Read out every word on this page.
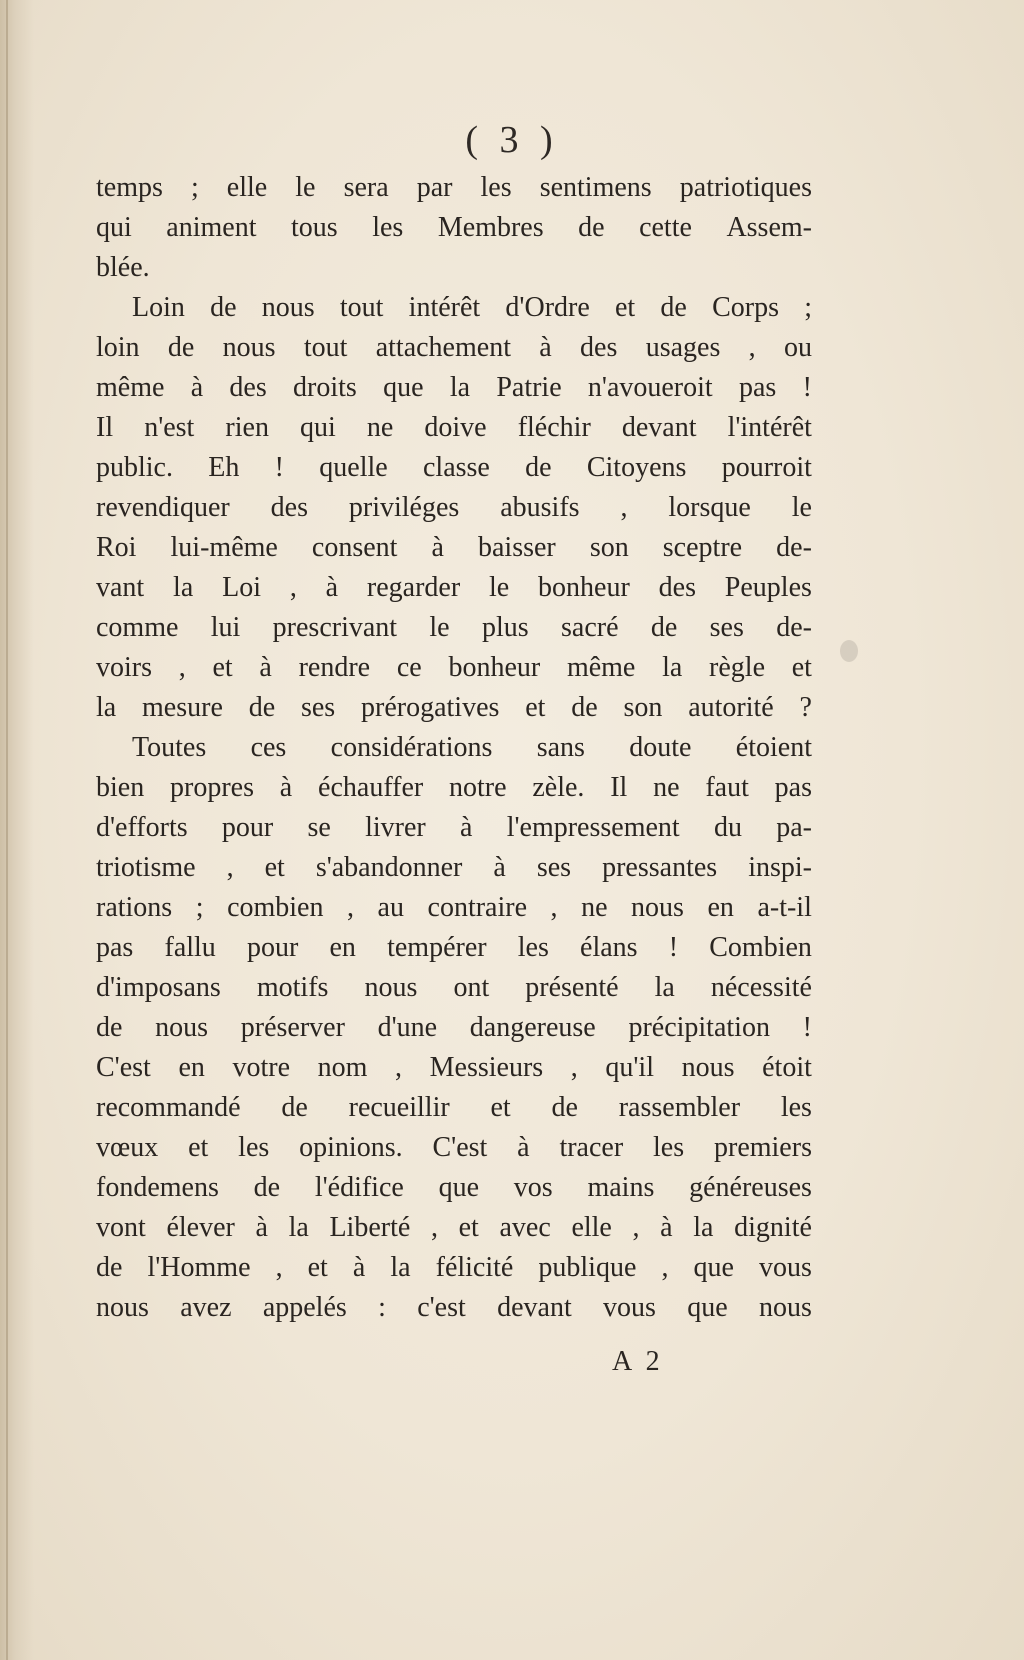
( 3 )
temps ; elle le sera par les sentimens patriotiques
qui animent tous les Membres de cette Assem-
blée.
Loin de nous tout intérêt d'Ordre et de Corps ;
loin de nous tout attachement à des usages , ou
même à des droits que la Patrie n'avoueroit pas !
Il n'est rien qui ne doive fléchir devant l'intérêt
public. Eh ! quelle classe de Citoyens pourroit
revendiquer des priviléges abusifs , lorsque le
Roi lui-même consent à baisser son sceptre de-
vant la Loi , à regarder le bonheur des Peuples
comme lui prescrivant le plus sacré de ses de-
voirs , et à rendre ce bonheur même la règle et
la mesure de ses prérogatives et de son autorité ?
Toutes ces considérations sans doute étoient
bien propres à échauffer notre zèle. Il ne faut pas
d'efforts pour se livrer à l'empressement du pa-
triotisme , et s'abandonner à ses pressantes inspi-
rations ; combien , au contraire , ne nous en a-t-il
pas fallu pour en tempérer les élans ! Combien
d'imposans motifs nous ont présenté la nécessité
de nous préserver d'une dangereuse précipitation !
C'est en votre nom , Messieurs , qu'il nous étoit
recommandé de recueillir et de rassembler les
vœux et les opinions. C'est à tracer les premiers
fondemens de l'édifice que vos mains généreuses
vont élever à la Liberté , et avec elle , à la dignité
de l'Homme , et à la félicité publique , que vous
nous avez appelés : c'est devant vous que nous
A 2
